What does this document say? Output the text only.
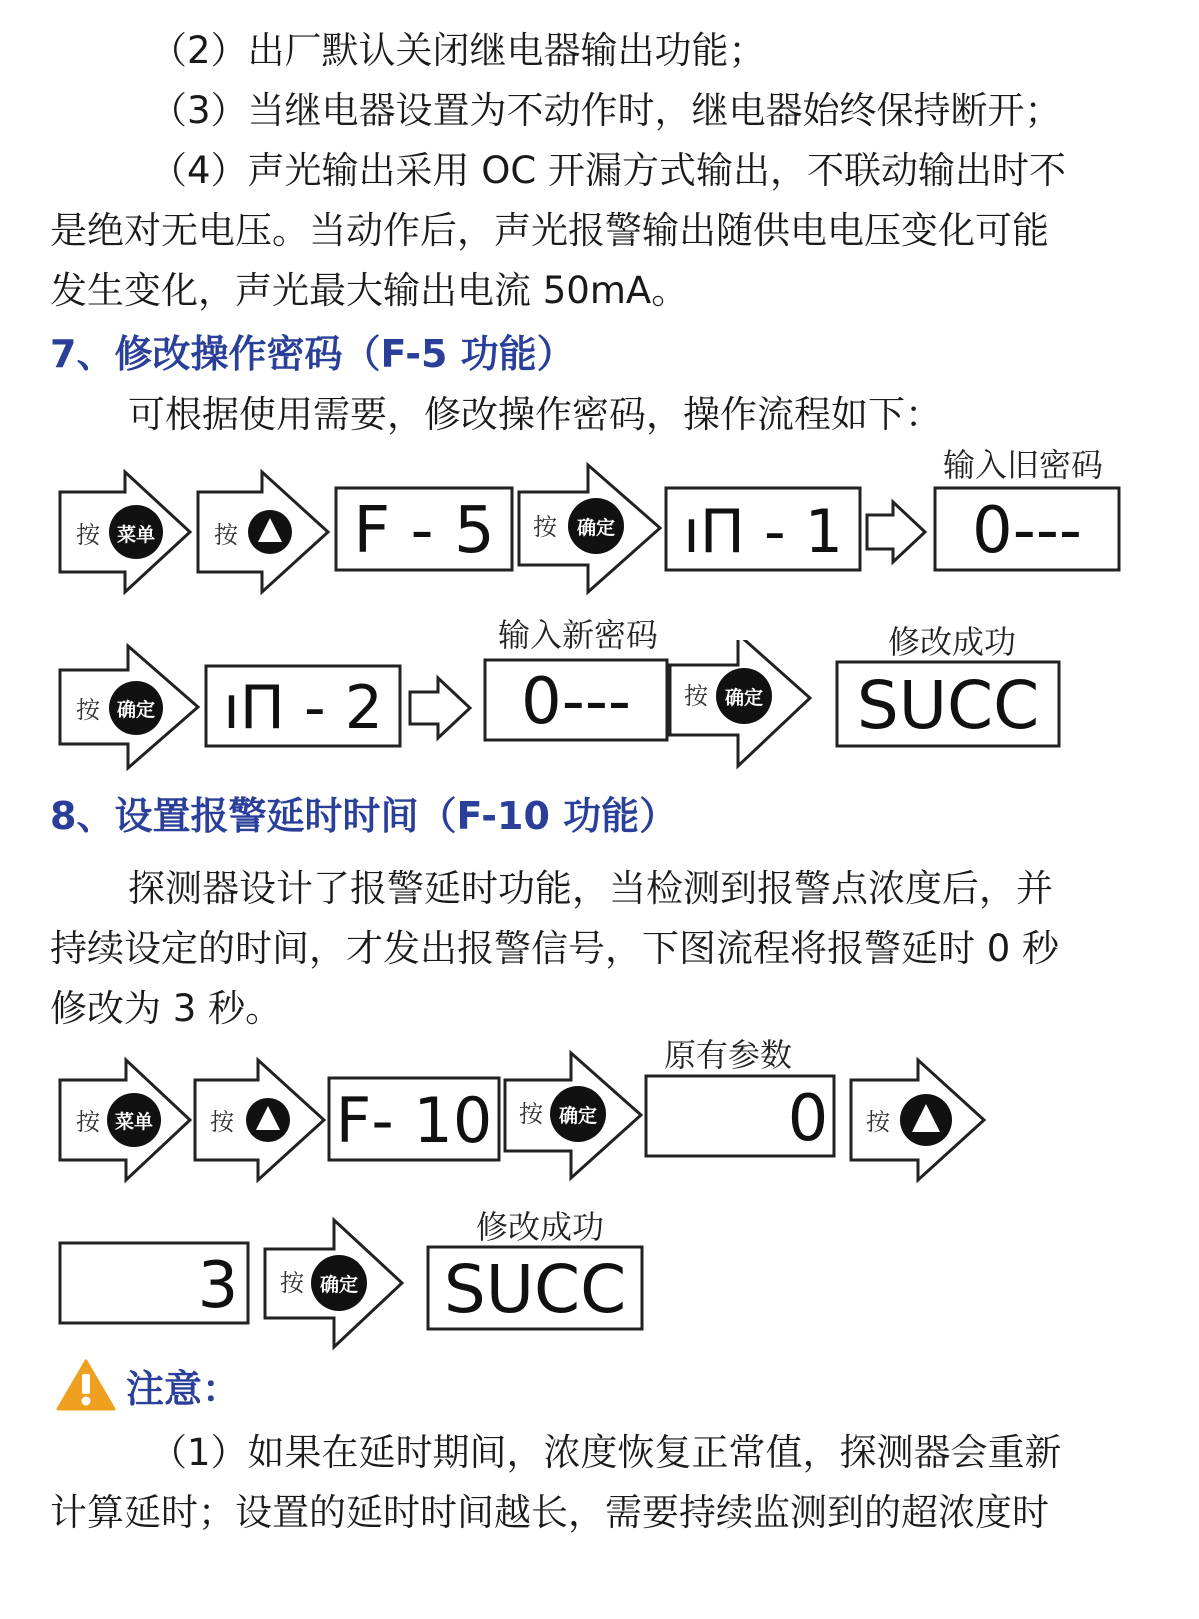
（2）出厂默认关闭继电器输出功能；
（3）当继电器设置为不动作时，继电器始终保持断开；
（4）声光输出采用 OC 开漏方式输出，不联动输出时不
是绝对无电压。当动作后，声光报警输出随供电电压变化可能
发生变化，声光最大输出电流 50mA。
7、修改操作密码（F-5 功能）
可根据使用需要，修改操作密码，操作流程如下：
输入旧密码
按 菜单 按 F - 5 按 确定 ıП - 1 0---
输入新密码	修改成功
按 确定 ıП - 2 0--- 按 确定 SUCC
8、设置报警延时时间（F-10 功能）
探测器设计了报警延时功能，当检测到报警点浓度后，并
持续设定的时间，才发出报警信号，下图流程将报警延时 0 秒
修改为 3 秒。
原有参数
按 菜单 按 F- 10 按 确定	0 按
修改成功
3 按 确定 SUCC
注意：
（1）如果在延时期间，浓度恢复正常值，探测器会重新
计算延时；设置的延时时间越长，需要持续监测到的超浓度时
